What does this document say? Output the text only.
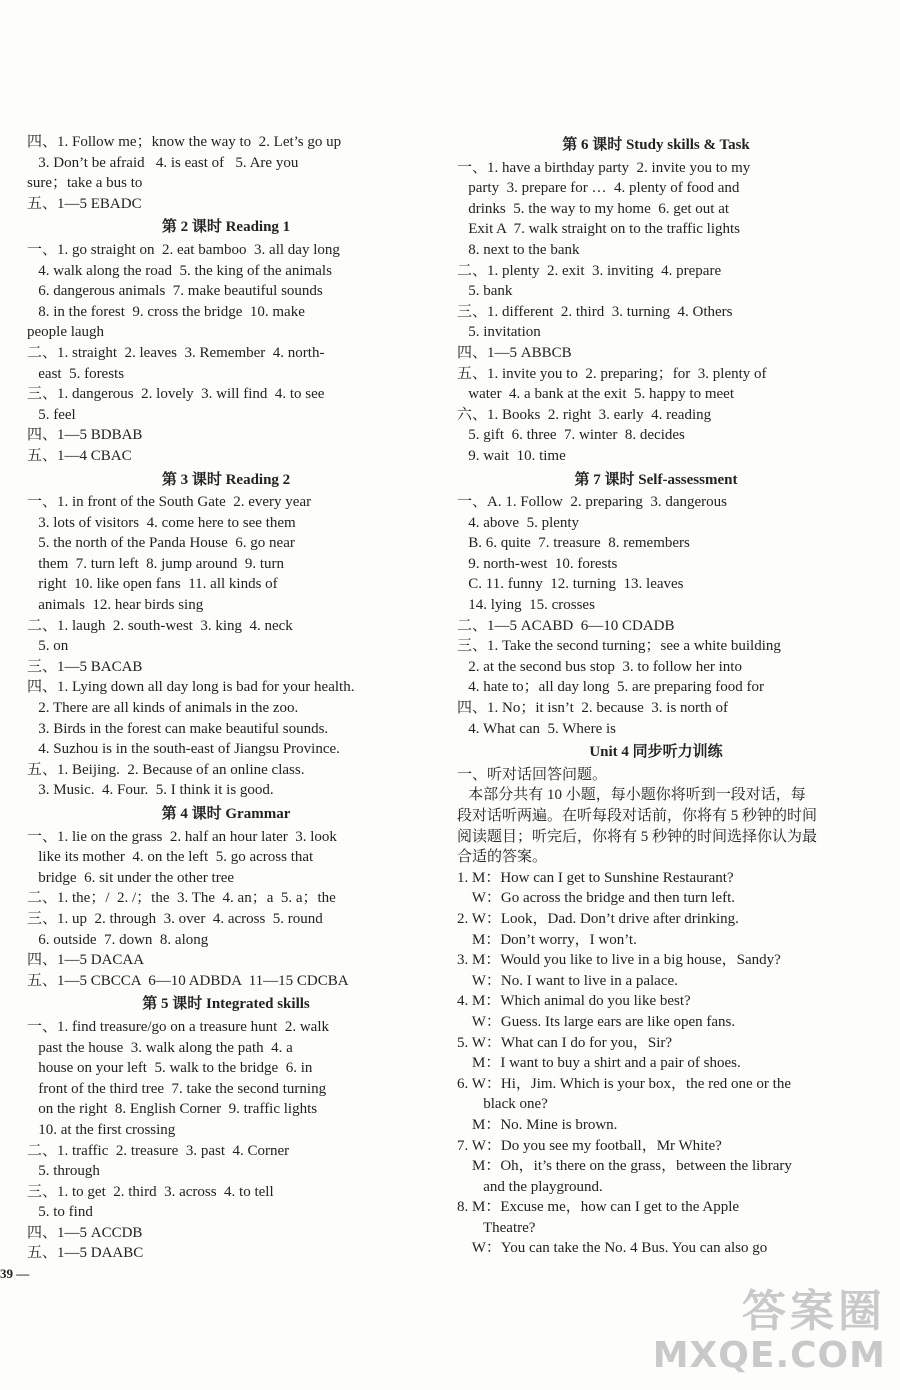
四、1. Follow me；know the way to  2. Let’s go up
3. Don’t be afraid   4. is east of   5. Are you
sure；take a bus to
五、1—5 EBADC
第 2 课时 Reading 1
一、1. go straight on  2. eat bamboo  3. all day long
4. walk along the road  5. the king of the animals
6. dangerous animals  7. make beautiful sounds
8. in the forest  9. cross the bridge  10. make
people laugh
二、1. straight  2. leaves  3. Remember  4. north-
east  5. forests
三、1. dangerous  2. lovely  3. will find  4. to see
5. feel
四、1—5 BDBAB
五、1—4 CBAC
第 3 课时 Reading 2
一、1. in front of the South Gate  2. every year
3. lots of visitors  4. come here to see them
5. the north of the Panda House  6. go near
them  7. turn left  8. jump around  9. turn
right  10. like open fans  11. all kinds of
animals  12. hear birds sing
二、1. laugh  2. south-west  3. king  4. neck
5. on
三、1—5 BACAB
四、1. Lying down all day long is bad for your health.
2. There are all kinds of animals in the zoo.
3. Birds in the forest can make beautiful sounds.
4. Suzhou is in the south-east of Jiangsu Province.
五、1. Beijing.  2. Because of an online class.
3. Music.  4. Four.  5. I think it is good.
第 4 课时 Grammar
一、1. lie on the grass  2. half an hour later  3. look
like its mother  4. on the left  5. go across that
bridge  6. sit under the other tree
二、1. the；/  2. /；the  3. The  4. an；a  5. a；the
三、1. up  2. through  3. over  4. across  5. round
6. outside  7. down  8. along
四、1—5 DACAA
五、1—5 CBCCA  6—10 ADBDA  11—15 CDCBA
第 5 课时 Integrated skills
一、1. find treasure/go on a treasure hunt  2. walk
past the house  3. walk along the path  4. a
house on your left  5. walk to the bridge  6. in
front of the third tree  7. take the second turning
on the right  8. English Corner  9. traffic lights
10. at the first crossing
二、1. traffic  2. treasure  3. past  4. Corner
5. through
三、1. to get  2. third  3. across  4. to tell
5. to find
四、1—5 ACCDB
五、1—5 DAABC
第 6 课时 Study skills & Task
一、1. have a birthday party  2. invite you to my
party  3. prepare for …  4. plenty of food and
drinks  5. the way to my home  6. get out at
Exit A  7. walk straight on to the traffic lights
8. next to the bank
二、1. plenty  2. exit  3. inviting  4. prepare
5. bank
三、1. different  2. third  3. turning  4. Others
5. invitation
四、1—5 ABBCB
五、1. invite you to  2. preparing；for  3. plenty of
water  4. a bank at the exit  5. happy to meet
六、1. Books  2. right  3. early  4. reading
5. gift  6. three  7. winter  8. decides
9. wait  10. time
第 7 课时 Self-assessment
一、A. 1. Follow  2. preparing  3. dangerous
4. above  5. plenty
B. 6. quite  7. treasure  8. remembers
9. north-west  10. forests
C. 11. funny  12. turning  13. leaves
14. lying  15. crosses
二、1—5 ACABD  6—10 CDADB
三、1. Take the second turning；see a white building
2. at the second bus stop  3. to follow her into
4. hate to；all day long  5. are preparing food for
四、1. No；it isn’t  2. because  3. is north of
4. What can  5. Where is
Unit 4 同步听力训练
一、听对话回答问题。
本部分共有 10 小题，每小题你将听到一段对话，每
段对话听两遍。在听每段对话前，你将有 5 秒钟的时间
阅读题目；听完后，你将有 5 秒钟的时间选择你认为最
合适的答案。
1. M：How can I get to Sunshine Restaurant?
W：Go across the bridge and then turn left.
2. W：Look，Dad. Don’t drive after drinking.
M：Don’t worry，I won’t.
3. M：Would you like to live in a big house，Sandy?
W：No. I want to live in a palace.
4. M：Which animal do you like best?
W：Guess. Its large ears are like open fans.
5. W：What can I do for you，Sir?
M：I want to buy a shirt and a pair of shoes.
6. W：Hi，Jim. Which is your box，the red one or the
black one?
M：No. Mine is brown.
7. W：Do you see my football，Mr White?
M：Oh，it’s there on the grass，between the library
and the playground.
8. M：Excuse me，how can I get to the Apple
Theatre?
W：You can take the No. 4 Bus. You can also go
39 —
答案圈
MXQE.COM
